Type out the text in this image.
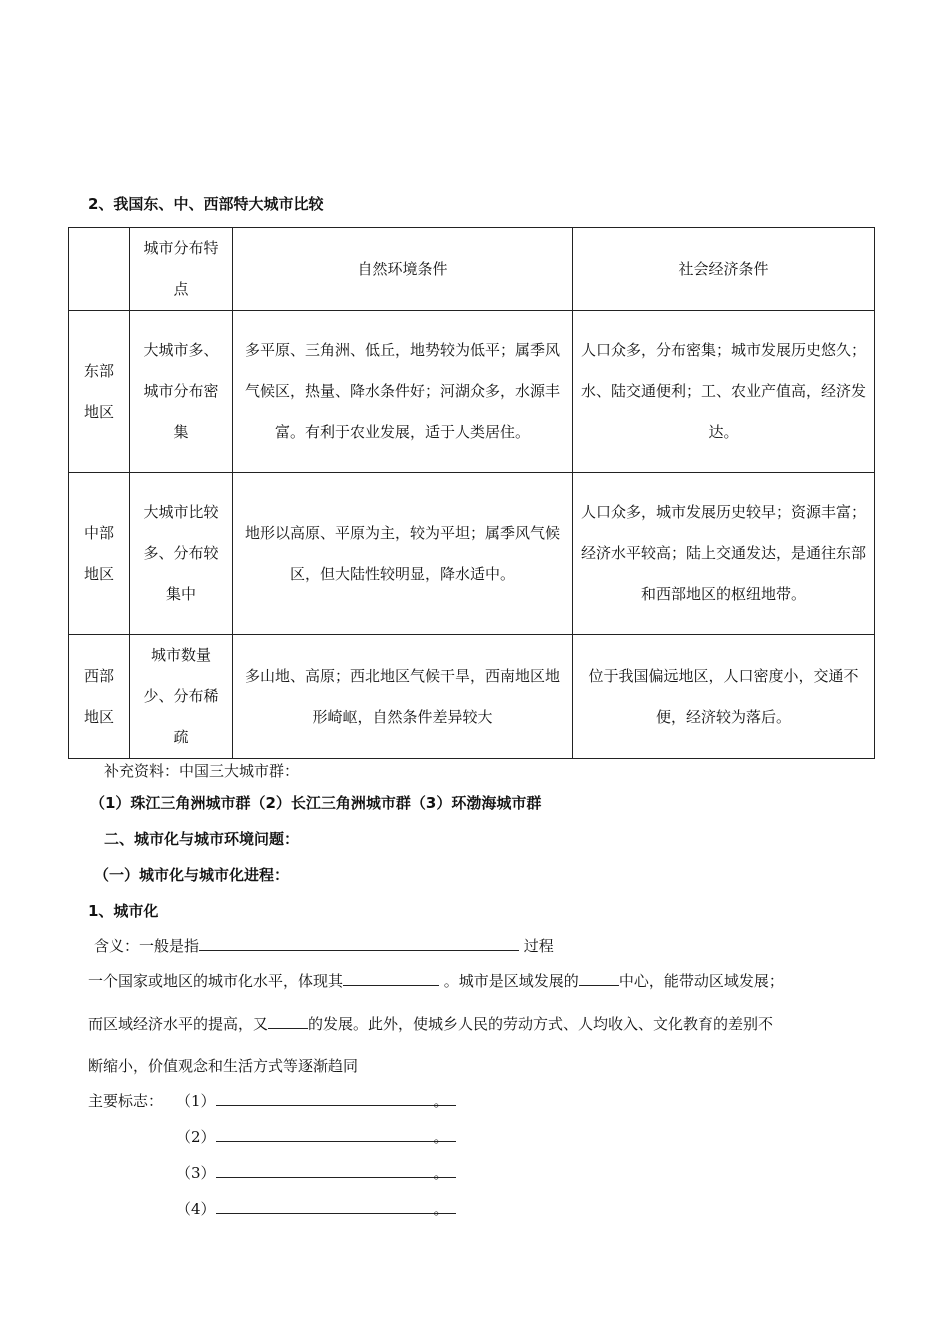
2、我国东、中、西部特大城市比较
	城市分布特点	自然环境条件	社会经济条件
东部地区	大城市多、城市分布密集	多平原、三角洲、低丘，地势较为低平；属季风气候区，热量、降水条件好；河湖众多，水源丰富。有利于农业发展，适于人类居住。	人口众多，分布密集；城市发展历史悠久；水、陆交通便利；工、农业产值高，经济发达。
中部地区	大城市比较多、分布较集中	地形以高原、平原为主，较为平坦；属季风气候区，但大陆性较明显，降水适中。	人口众多，城市发展历史较早；资源丰富；经济水平较高；陆上交通发达，是通往东部和西部地区的枢纽地带。
西部地区	城市数量少、分布稀疏	多山地、高原；西北地区气候干旱，西南地区地形崎岖，自然条件差异较大	位于我国偏远地区，人口密度小，交通不便，经济较为落后。
补充资料：中国三大城市群：
（1）珠江三角洲城市群（2）长江三角洲城市群（3）环渤海城市群
二、城市化与城市环境问题：
（一）城市化与城市化进程：
1、城市化
含义：一般是指	过程
一个国家或地区的城市化水平，体现其	。城市是区域发展的	中心，能带动区域发展；
而区域经济水平的提高，又	的发展。此外，使城乡人民的劳动方式、人均收入、文化教育的差别不
断缩小，价值观念和生活方式等逐渐趋同
主要标志： （1）	。
（2）	。
（3）	。
（4）	。
